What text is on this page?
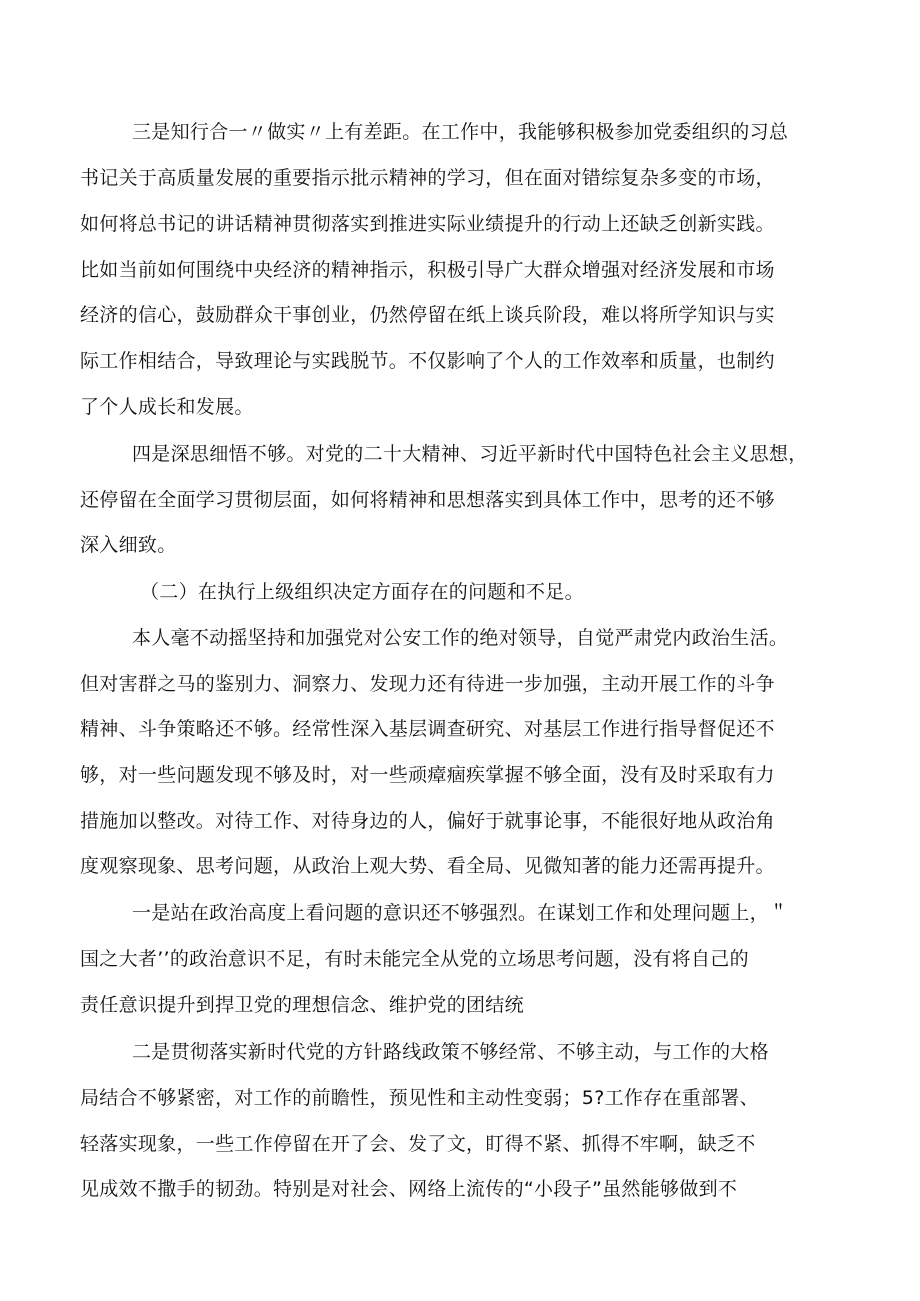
三是知行合一〃做实〃上有差距。在工作中，我能够积极参加党委组织的习总
书记关于高质量发展的重要指示批示精神的学习，但在面对错综复杂多变的市场，
如何将总书记的讲话精神贯彻落实到推进实际业绩提升的行动上还缺乏创新实践。
比如当前如何围绕中央经济的精神指示，积极引导广大群众增强对经济发展和市场
经济的信心，鼓励群众干事创业，仍然停留在纸上谈兵阶段，难以将所学知识与实
际工作相结合，导致理论与实践脱节。不仅影响了个人的工作效率和质量，也制约
了个人成长和发展。
四是深思细悟不够。对党的二十大精神、习近平新时代中国特色社会主义思想，
还停留在全面学习贯彻层面，如何将精神和思想落实到具体工作中，思考的还不够
深入细致。
（二）在执行上级组织决定方面存在的问题和不足。
本人毫不动摇坚持和加强党对公安工作的绝对领导，自觉严肃党内政治生活。
但对害群之马的鉴别力、洞察力、发现力还有待进一步加强，主动开展工作的斗争
精神、斗争策略还不够。经常性深入基层调查研究、对基层工作进行指导督促还不
够，对一些问题发现不够及时，对一些顽瘴痼疾掌握不够全面，没有及时采取有力
措施加以整改。对待工作、对待身边的人，偏好于就事论事，不能很好地从政治角
度观察现象、思考问题，从政治上观大势、看全局、见微知著的能力还需再提升。
一是站在政治高度上看问题的意识还不够强烈。在谋划工作和处理问题上，＂
国之大者’’的政治意识不足，有时未能完全从党的立场思考问题，没有将自己的
责任意识提升到捍卫党的理想信念、维护党的团结统
二是贯彻落实新时代党的方针路线政策不够经常、不够主动，与工作的大格
局结合不够紧密，对工作的前瞻性，预见性和主动性变弱；5?工作存在重部署、
轻落实现象，一些工作停留在开了会、发了文，盯得不紧、抓得不牢啊，缺乏不
见成效不撒手的韧劲。特别是对社会、网络上流传的“小段子”虽然能够做到不
